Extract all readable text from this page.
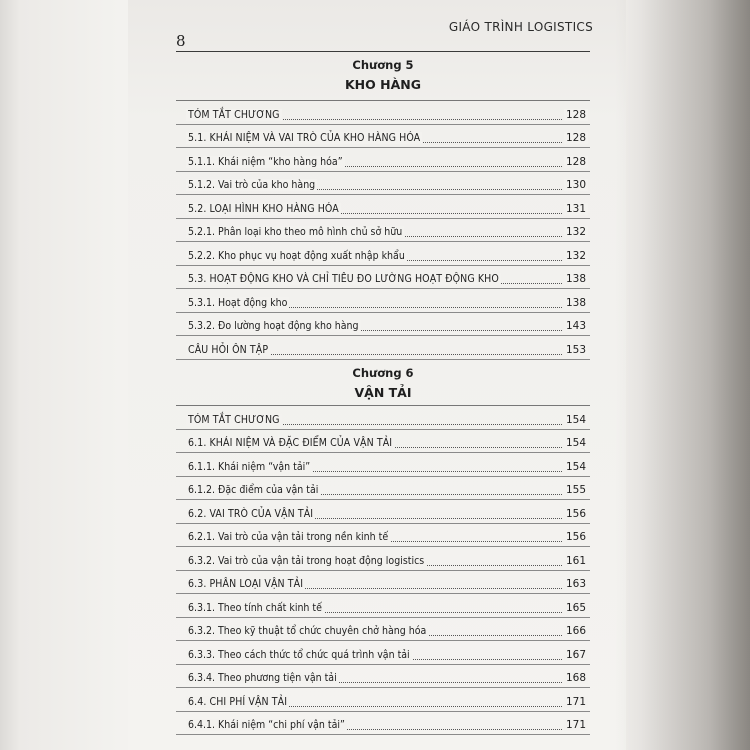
GIÁO TRÌNH LOGISTICS
8
Chương 5
KHO HÀNG
TÓM TẮT CHƯƠNG	128
5.1. KHÁI NIỆM VÀ VAI TRÒ CỦA KHO HÀNG HÓA	128
5.1.1. Khái niệm “kho hàng hóa”	128
5.1.2. Vai trò của kho hàng	130
5.2. LOẠI HÌNH KHO HÀNG HÓA	131
5.2.1. Phân loại kho theo mô hình chủ sở hữu	132
5.2.2. Kho phục vụ hoạt động xuất nhập khẩu	132
5.3. HOẠT ĐỘNG KHO VÀ CHỈ TIÊU ĐO LƯỜNG HOẠT ĐỘNG KHO	138
5.3.1. Hoạt động kho	138
5.3.2. Đo lường hoạt động kho hàng	143
CÂU HỎI ÔN TẬP	153
Chương 6
VẬN TẢI
TÓM TẮT CHƯƠNG	154
6.1. KHÁI NIỆM VÀ ĐẶC ĐIỂM CỦA VẬN TẢI	154
6.1.1. Khái niệm “vận tải”	154
6.1.2. Đặc điểm của vận tải	155
6.2. VAI TRÒ CỦA VẬN TẢI	156
6.2.1. Vai trò của vận tải trong nền kinh tế	156
6.3.2. Vai trò của vận tải trong hoạt động logistics	161
6.3. PHÂN LOẠI VẬN TẢI	163
6.3.1. Theo tính chất kinh tế	165
6.3.2. Theo kỹ thuật tổ chức chuyên chở hàng hóa	166
6.3.3. Theo cách thức tổ chức quá trình vận tải	167
6.3.4. Theo phương tiện vận tải	168
6.4. CHI PHÍ VẬN TẢI	171
6.4.1. Khái niệm “chi phí vận tải”	171
